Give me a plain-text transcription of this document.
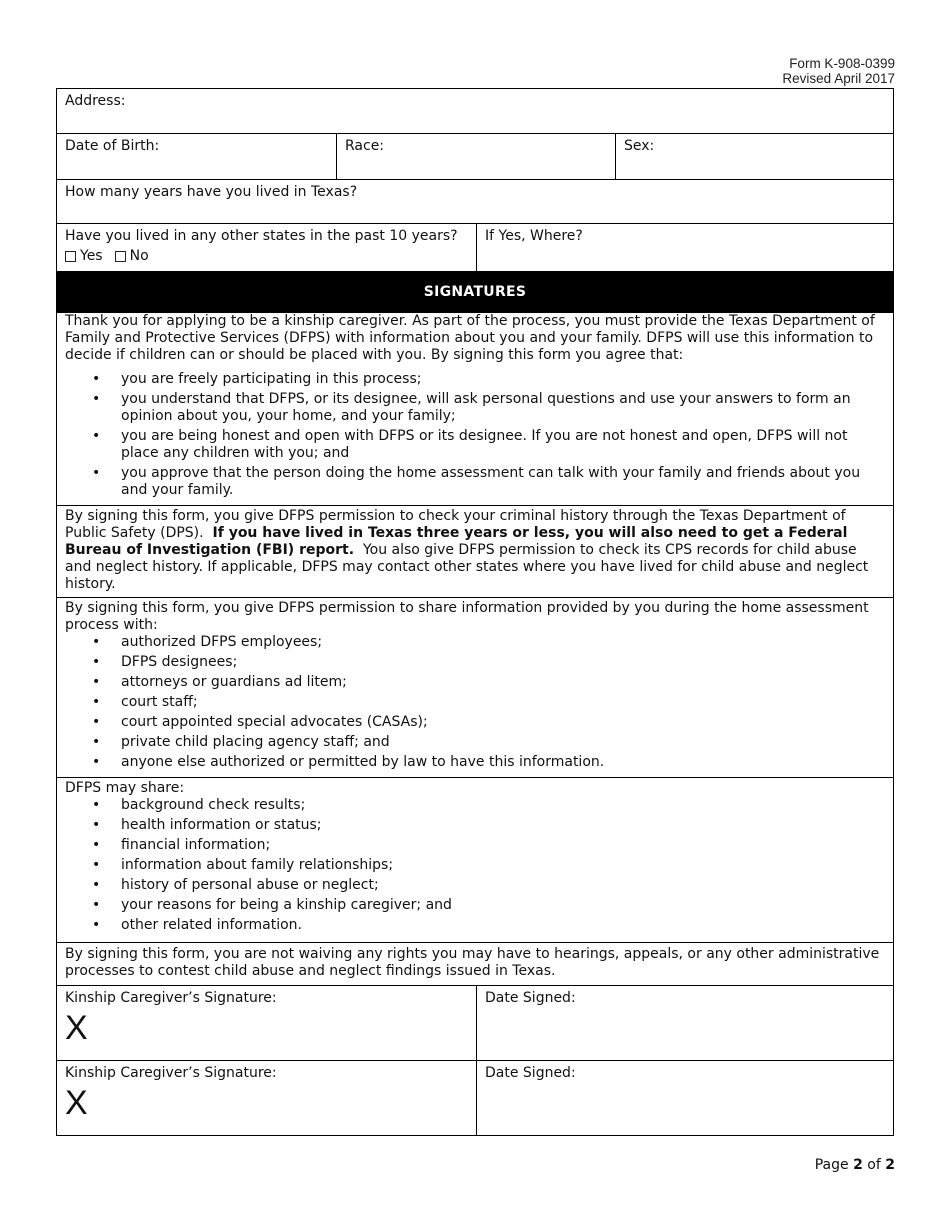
Form K-908-0399
Revised April 2017
Address:
Date of Birth:	Race:	Sex:
How many years have you lived in Texas?
Have you lived in any other states in the past 10 years?
Yes No
If Yes, Where?
SIGNATURES

Thank you for applying to be a kinship caregiver. As part of the process, you must provide the Texas Department of Family and Protective Services (DFPS) with information about you and your family. DFPS will use this information to decide if children can or should be placed with you. By signing this form you agree that:

• you are freely participating in this process;
• you understand that DFPS, or its designee, will ask personal questions and use your answers to form an opinion about you, your home, and your family;
• you are being honest and open with DFPS or its designee. If you are not honest and open, DFPS will not place any children with you; and
• you approve that the person doing the home assessment can talk with your family and friends about you and your family.

By signing this form, you give DFPS permission to check your criminal history through the Texas Department of Public Safety (DPS). If you have lived in Texas three years or less, you will also need to get a Federal Bureau of Investigation (FBI) report. You also give DFPS permission to check its CPS records for child abuse and neglect history. If applicable, DFPS may contact other states where you have lived for child abuse and neglect history.

By signing this form, you give DFPS permission to share information provided by you during the home assessment process with:

• authorized DFPS employees;
• DFPS designees;
• attorneys or guardians ad litem;
• court staff;
• court appointed special advocates (CASAs);
• private child placing agency staff; and
• anyone else authorized or permitted by law to have this information.

DFPS may share:

• background check results;
• health information or status;
• financial information;
• information about family relationships;
• history of personal abuse or neglect;
• your reasons for being a kinship caregiver; and
• other related information.

By signing this form, you are not waiving any rights you may have to hearings, appeals, or any other administrative processes to contest child abuse and neglect findings issued in Texas.

Kinship Caregiver’s Signature:
X
Date Signed:
Kinship Caregiver’s Signature:
X
Date Signed:
Page 2 of 2
